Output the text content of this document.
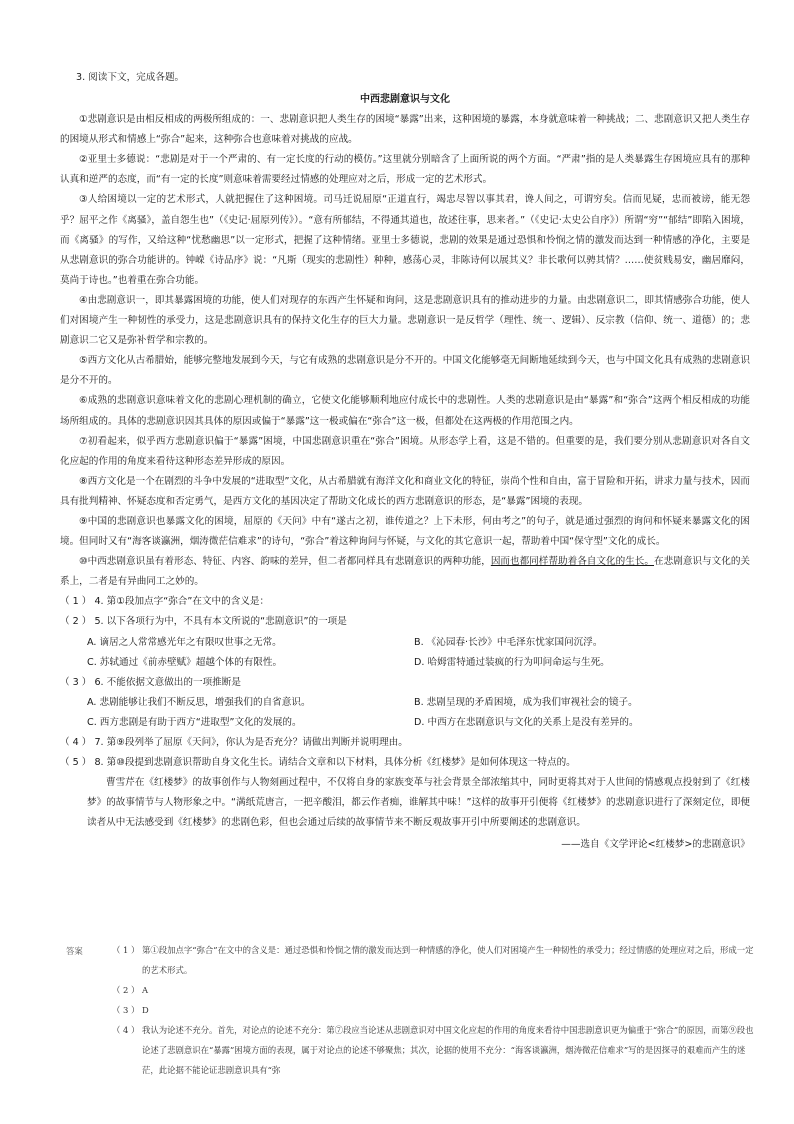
3. 阅读下文，完成各题。

中西悲剧意识与文化

①悲剧意识是由相反相成的两极所组成的：一、悲剧意识把人类生存的困境“暴露”出来，这种困境的暴露，本身就意味着一种挑战；二、悲剧意识又把人类生存的困境从形式和情感上“弥合”起来，这种弥合也意味着对挑战的应战。

②亚里士多德说：“悲剧是对于一个严肃的、有一定长度的行动的模仿。”这里就分别暗含了上面所说的两个方面。“严肃”指的是人类暴露生存困境应具有的那种认真和逆严的态度，而“有一定的长度”则意味着需要经过情感的处理应对之后，形成一定的艺术形式。

③人给困境以一定的艺术形式，人就把握住了这种困境。司马迁说屈原“正道直行，竭忠尽智以事其君，谗人间之，可谓穷矣。信而见疑，忠而被谤，能无怨乎？屈平之作《离骚》，盖自怨生也”（《史记·屈原列传》）。“意有所郁结，不得通其道也，故述往事，思来者。”（《史记·太史公自序》）所谓“穷”“郁结”即陷入困境，而《离骚》的写作，又给这种“忧愁幽思”以一定形式，把握了这种情绪。亚里士多德说，悲剧的效果是通过恐惧和怜悯之情的激发而达到一种情感的净化，主要是从悲剧意识的弥合功能讲的。钟嵘《诗品序》说：“凡斯（现实的悲剧性）种种，感荡心灵，非陈诗何以展其义？非长歌何以骋其情？……使贫贱易安，幽居靡闷，莫尚于诗也。”也着重在弥合功能。

④由悲剧意识一，即其暴露困境的功能，使人们对现存的东西产生怀疑和询问，这是悲剧意识具有的推动进步的力量。由悲剧意识二，即其情感弥合功能，使人们对困境产生一种韧性的承受力，这是悲剧意识具有的保持文化生存的巨大力量。悲剧意识一是反哲学（理性、统一、逻辑）、反宗教（信仰、统一、道德）的；悲剧意识二它又是弥补哲学和宗教的。

⑤西方文化从古希腊始，能够完整地发展到今天，与它有成熟的悲剧意识是分不开的。中国文化能够毫无间断地延续到今天，也与中国文化具有成熟的悲剧意识是分不开的。

⑥成熟的悲剧意识意味着文化的悲剧心理机制的确立，它使文化能够顺利地应付成长中的悲剧性。人类的悲剧意识是由“暴露”和“弥合”这两个相反相成的功能场所组成的。具体的悲剧意识因其具体的原因或偏于“暴露”这一极或偏在“弥合”这一极，但都处在这两极的作用范围之内。

⑦初看起来，似乎西方悲剧意识偏于“暴露”困境，中国悲剧意识重在“弥合”困境。从形态学上看，这是不错的。但重要的是，我们要分别从悲剧意识对各自文化应起的作用的角度来看待这种形态差异形成的原因。

⑧西方文化是一个在剧烈的斗争中发展的“进取型”文化，从古希腊就有海洋文化和商业文化的特征，崇尚个性和自由，富于冒险和开拓，讲求力量与技术，因而具有批判精神、怀疑态度和否定勇气，是西方文化的基因决定了帮助文化成长的西方悲剧意识的形态，是“暴露”困境的表现。

⑨中国的悲剧意识也暴露文化的困境，屈原的《天问》中有“遂古之初，谁传道之？上下未形，何由考之”的句子，就是通过强烈的询问和怀疑来暴露文化的困境。但同时又有“海客谈瀛洲，烟涛微茫信难求”的诗句，“弥合”着这种询问与怀疑，与文化的其它意识一起，帮助着中国“保守型”文化的成长。

⑩中西悲剧意识虽有着形态、特征、内容、韵味的差异，但二者都同样具有悲剧意识的两种功能，因而也都同样帮助着各自文化的生长。在悲剧意识与文化的关系上，二者是有异曲同工之妙的。

（ 1 ） 4. 第①段加点字“弥合”在文中的含义是：

（ 2 ） 5. 以下各项行为中，不具有本文所说的“悲剧意识”的一项是

A. 谪居之人常常感光年之有限叹世事之无常。	B. 《沁园春·长沙》中毛泽东忧家国问沉浮。
C. 苏轼通过《前赤壁赋》超越个体的有限性。	D. 哈姆雷特通过装疯的行为叩问命运与生死。

（ 3 ） 6. 不能依据文意做出的一项推断是

A. 悲剧能够让我们不断反思，增强我们的自省意识。	B. 悲剧呈现的矛盾困境，成为我们审视社会的镜子。
C. 西方悲剧是有助于西方“进取型”文化的发展的。	D. 中西方在悲剧意识与文化的关系上是没有差异的。

（ 4 ） 7. 第⑨段列举了屈原《天问》，你认为是否充分？请做出判断并说明理由。

（ 5 ） 8. 第⑩段提到悲剧意识帮助自身文化生长。请结合文章和以下材料，具体分析《红楼梦》是如何体现这一特点的。

曹雪芹在《红楼梦》的故事创作与人物刻画过程中，不仅将自身的家族变革与社会背景全部浓缩其中，同时更将其对于人世间的情感观点投射到了《红楼梦》的故事情节与人物形象之中。“满纸荒唐言，一把辛酸泪，都云作者痴，谁解其中味！”这样的故事开引便将《红楼梦》的悲剧意识进行了深刻定位，即便读者从中无法感受到《红楼梦》的悲剧色彩，但也会通过后续的故事情节来不断反观故事开引中所要阐述的悲剧意识。

——选自《文学评论<红楼梦>的悲剧意识》

答案	（ 1 ） 第①段加点字“弥合”在文中的含义是：通过恐惧和怜悯之情的激发而达到一种情感的净化，使人们对困境产生一种韧性的承受力；经过情感的处理应对之后，形成一定的艺术形式。
（ 2 ） A
（ 3 ） D
（ 4 ） 我认为论述不充分。首先，对论点的论述不充分：第⑦段应当论述从悲剧意识对中国文化应起的作用的角度来看待中国悲剧意识更为偏重于“弥合”的原因，而第⑨段也论述了悲剧意识在“暴露”困境方面的表现，属于对论点的论述不够聚焦；其次，论据的使用不充分：“海客谈瀛洲，烟涛微茫信难求”写的是因探寻的艰难而产生的迷茫，此论据不能论证悲剧意识具有“弥
